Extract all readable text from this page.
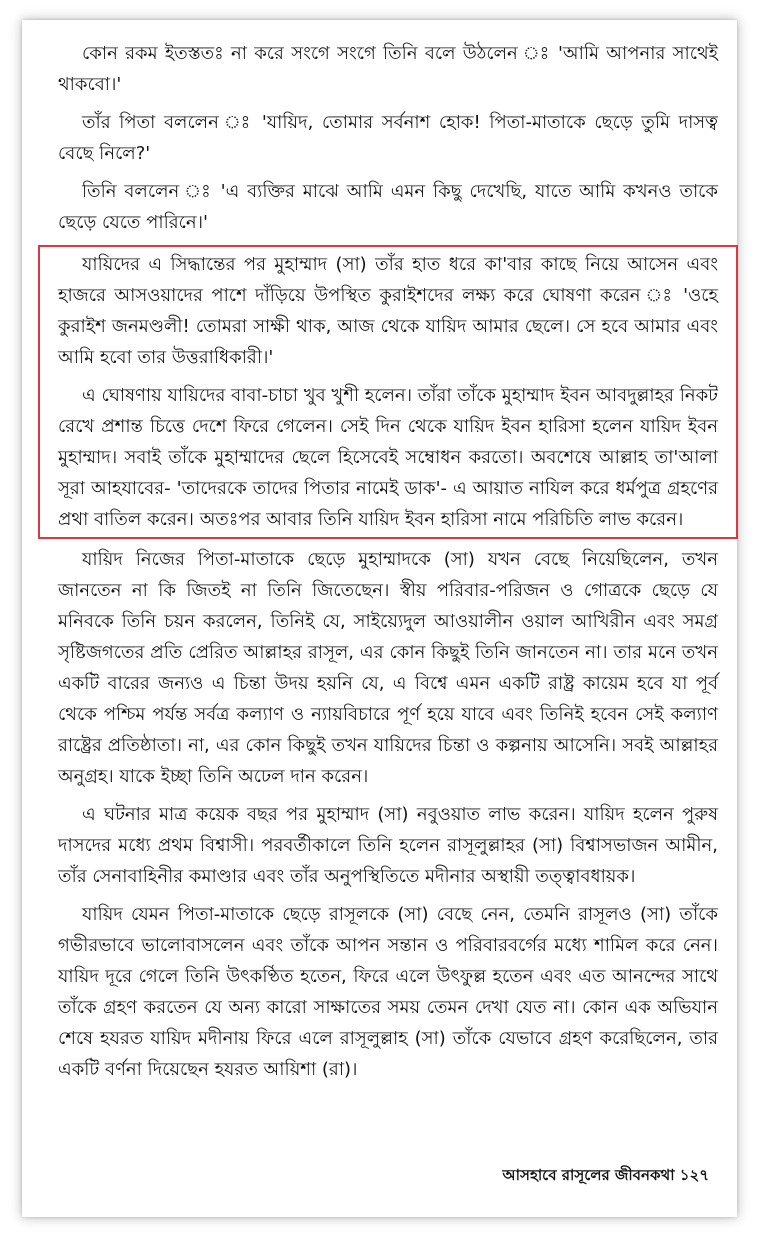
কোন রকম ইতস্ততঃ না করে সংগে সংগে তিনি বলে উঠলেন ঃ 'আমি আপনার সাথেই থাকবো।'

তাঁর পিতা বললেন ঃ 'যায়িদ, তোমার সর্বনাশ হোক! পিতা-মাতাকে ছেড়ে তুমি দাসত্ব বেছে নিলে?'

তিনি বললেন ঃ 'এ ব্যক্তির মাঝে আমি এমন কিছু দেখেছি, যাতে আমি কখনও তাকে ছেড়ে যেতে পারিনে।'

যায়িদের এ সিদ্ধান্তের পর মুহাম্মাদ (সা) তাঁর হাত ধরে কা'বার কাছে নিয়ে আসেন এবং হাজরে আসওয়াদের পাশে দাঁড়িয়ে উপস্থিত কুরাইশদের লক্ষ্য করে ঘোষণা করেন ঃ 'ওহে কুরাইশ জনমণ্ডলী! তোমরা সাক্ষী থাক, আজ থেকে যায়িদ আমার ছেলে। সে হবে আমার এবং আমি হবো তার উত্তরাধিকারী।'

এ ঘোষণায় যায়িদের বাবা-চাচা খুব খুশী হলেন। তাঁরা তাঁকে মুহাম্মাদ ইবন আবদুল্লাহর নিকট রেখে প্রশান্ত চিত্তে দেশে ফিরে গেলেন। সেই দিন থেকে যায়িদ ইবন হারিসা হলেন যায়িদ ইবন মুহাম্মাদ। সবাই তাঁকে মুহাম্মাদের ছেলে হিসেবেই সম্বোধন করতো। অবশেষে আল্লাহ তা'আলা সূরা আহযাবের- 'তাদেরকে তাদের পিতার নামেই ডাক'- এ আয়াত নাযিল করে ধর্মপুত্র গ্রহণের প্রথা বাতিল করেন। অতঃপর আবার তিনি যায়িদ ইবন হারিসা নামে পরিচিতি লাভ করেন।

যায়িদ নিজের পিতা-মাতাকে ছেড়ে মুহাম্মাদকে (সা) যখন বেছে নিয়েছিলেন, তখন জানতেন না কি জিতই না তিনি জিতেছেন। স্বীয় পরিবার-পরিজন ও গোত্রকে ছেড়ে যে মনিবকে তিনি চয়ন করলেন, তিনিই যে, সাইয়্যেদুল আওয়ালীন ওয়াল আখিরীন এবং সমগ্র সৃষ্টিজগতের প্রতি প্রেরিত আল্লাহর রাসূল, এর কোন কিছুই তিনি জানতেন না। তার মনে তখন একটি বারের জন্যও এ চিন্তা উদয় হয়নি যে, এ বিশ্বে এমন একটি রাষ্ট্র কায়েম হবে যা পূর্ব থেকে পশ্চিম পর্যন্ত সর্বত্র কল্যাণ ও ন্যায়বিচারে পূর্ণ হয়ে যাবে এবং তিনিই হবেন সেই কল্যাণ রাষ্ট্রের প্রতিষ্ঠাতা। না, এর কোন কিছুই তখন যায়িদের চিন্তা ও কল্পনায় আসেনি। সবই আল্লাহর অনুগ্রহ। যাকে ইচ্ছা তিনি অঢেল দান করেন।

এ ঘটনার মাত্র কয়েক বছর পর মুহাম্মাদ (সা) নবুওয়াত লাভ করেন। যায়িদ হলেন পুরুষ দাসদের মধ্যে প্রথম বিশ্বাসী। পরবর্তীকালে তিনি হলেন রাসূলুল্লাহর (সা) বিশ্বাসভাজন আমীন, তাঁর সেনাবাহিনীর কমাণ্ডার এবং তাঁর অনুপস্থিতিতে মদীনার অস্থায়ী তত্ত্বাবধায়ক।

যায়িদ যেমন পিতা-মাতাকে ছেড়ে রাসূলকে (সা) বেছে নেন, তেমনি রাসূলও (সা) তাঁকে গভীরভাবে ভালোবাসলেন এবং তাঁকে আপন সন্তান ও পরিবারবর্গের মধ্যে শামিল করে নেন। যায়িদ দূরে গেলে তিনি উৎকণ্ঠিত হতেন, ফিরে এলে উৎফুল্ল হতেন এবং এত আনন্দের সাথে তাঁকে গ্রহণ করতেন যে অন্য কারো সাক্ষাতের সময় তেমন দেখা যেত না। কোন এক অভিযান শেষে হযরত যায়িদ মদীনায় ফিরে এলে রাসূলুল্লাহ (সা) তাঁকে যেভাবে গ্রহণ করেছিলেন, তার একটি বর্ণনা দিয়েছেন হযরত আয়িশা (রা)।

আসহাবে রাসূলের জীবনকথা ১২৭
